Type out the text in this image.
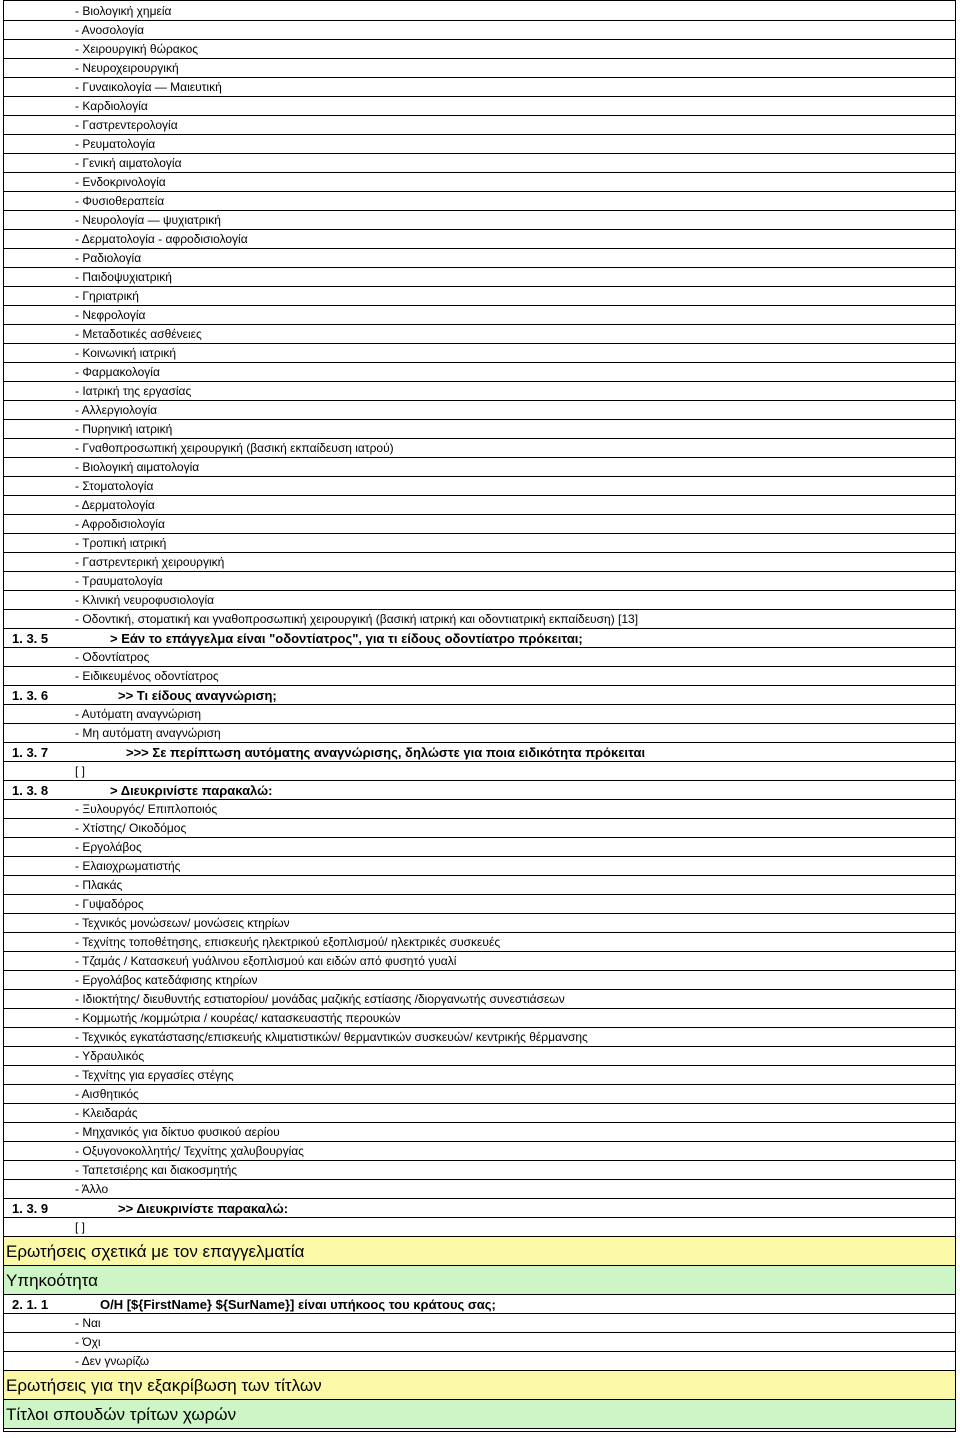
- Βιολογική χημεία
- Ανοσολογία
- Χειρουργική θώρακος
- Νευροχειρουργική
- Γυναικολογία — Μαιευτική
- Καρδιολογία
- Γαστρεντερολογία
- Ρευματολογία
- Γενική αιματολογία
- Ενδοκρινολογία
- Φυσιοθεραπεία
- Νευρολογία — ψυχιατρική
- Δερματολογία - αφροδισιολογία
- Ραδιολογία
- Παιδοψυχιατρική
- Γηριατρική
- Νεφρολογία
- Μεταδοτικές ασθένειες
- Κοινωνική ιατρική
- Φαρμακολογία
- Ιατρική της εργασίας
- Αλλεργιολογία
- Πυρηνική ιατρική
- Γναθοπροσωπική χειρουργική (βασική εκπαίδευση ιατρού)
- Βιολογική αιματολογία
- Στοματολογία
- Δερματολογία
- Αφροδισιολογία
- Τροπική ιατρική
- Γαστρεντερική χειρουργική
- Τραυματολογία
- Κλινική νευροφυσιολογία
- Οδοντική, στοματική και γναθοπροσωπική χειρουργική (βασική ιατρική και οδοντιατρική εκπαίδευση) [13]
1. 3. 5	> Εάν το επάγγελμα είναι "οδοντίατρος", για τι είδους οδοντίατρο πρόκειται;
- Οδοντίατρος
- Ειδικευμένος οδοντίατρος
1. 3. 6	>> Τι είδους αναγνώριση;
- Αυτόματη αναγνώριση
- Μη αυτόματη αναγνώριση
1. 3. 7	>>> Σε περίπτωση αυτόματης αναγνώρισης, δηλώστε για ποια ειδικότητα πρόκειται
[ ]
1. 3. 8	> Διευκρινίστε παρακαλώ:
- Ξυλουργός/ Επιπλοποιός
- Χτίστης/ Οικοδόμος
- Εργολάβος
- Ελαιοχρωματιστής
- Πλακάς
- Γυψαδόρος
- Τεχνικός μονώσεων/ μονώσεις κτηρίων
- Τεχνίτης τοποθέτησης, επισκευής ηλεκτρικού εξοπλισμού/ ηλεκτρικές συσκευές
- Τζαμάς / Κατασκευή γυάλινου εξοπλισμού και ειδών από φυσητό γυαλί
- Εργολάβος κατεδάφισης κτηρίων
- Ιδιοκτήτης/ διευθυντής εστιατορίου/ μονάδας μαζικής εστίασης /διοργανωτής συνεστιάσεων
- Κομμωτής /κομμώτρια / κουρέας/ κατασκευαστής περουκών
- Τεχνικός εγκατάστασης/επισκευής κλιματιστικών/ θερμαντικών συσκευών/ κεντρικής θέρμανσης
- Υδραυλικός
- Τεχνίτης για εργασίες στέγης
- Αισθητικός
- Κλειδαράς
- Μηχανικός για δίκτυο φυσικού αερίου
- Οξυγονοκολλητής/ Τεχνίτης χαλυβουργίας
- Ταπετσιέρης και διακοσμητής
- Άλλο
1. 3. 9	>> Διευκρινίστε παρακαλώ:
[ ]
Ερωτήσεις σχετικά με τον επαγγελματία
Υπηκοότητα
2. 1. 1	Ο/Η [${FirstName} ${SurName}] είναι υπήκοος του κράτους σας;
- Ναι
- Όχι
- Δεν γνωρίζω
Ερωτήσεις για την εξακρίβωση των τίτλων
Τίτλοι σπουδών τρίτων χωρών
